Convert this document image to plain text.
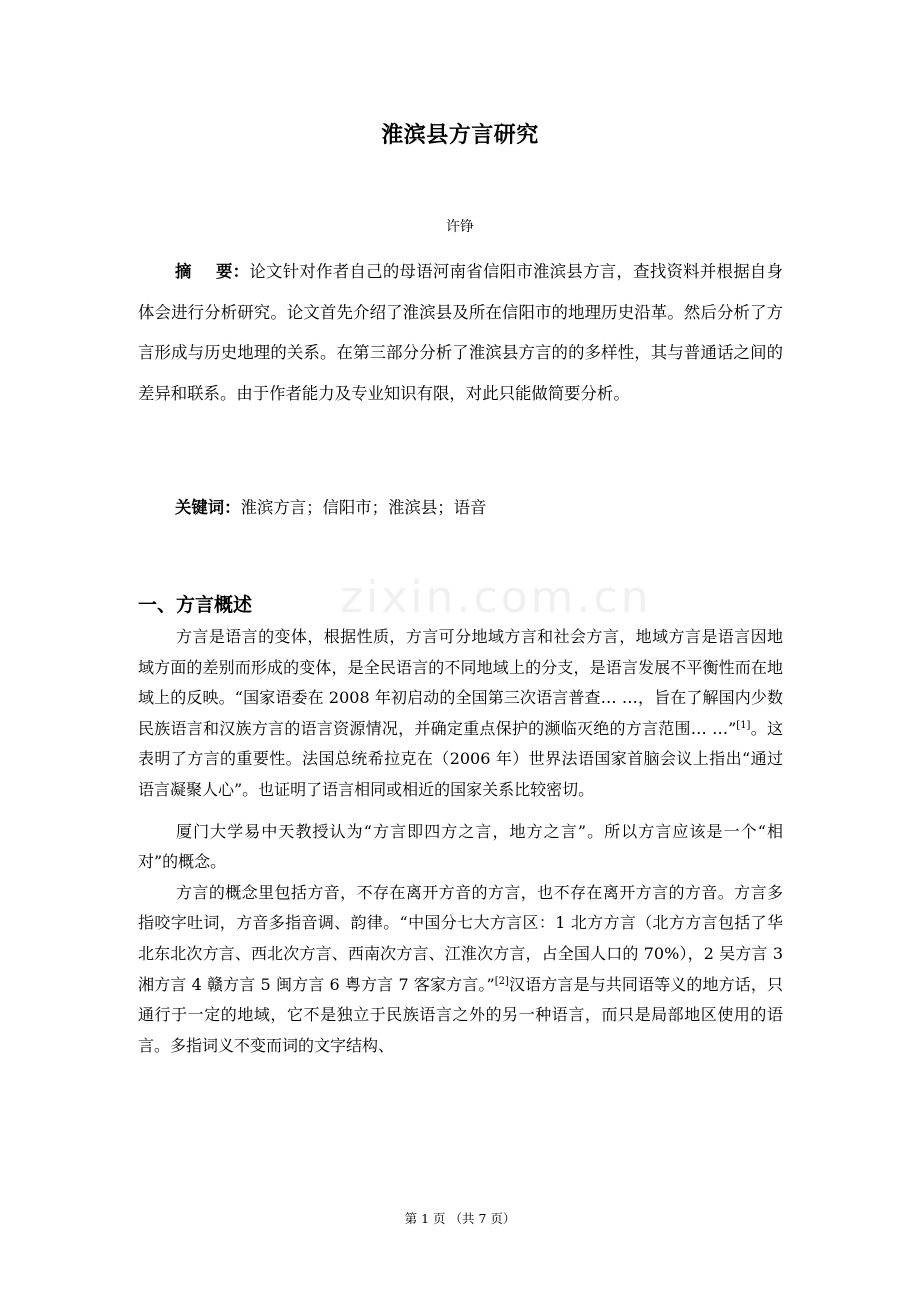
淮滨县方言研究
许铮
摘 要：论文针对作者自己的母语河南省信阳市淮滨县方言，查找资料并根据自身体会进行分析研究。论文首先介绍了淮滨县及所在信阳市的地理历史沿革。然后分析了方言形成与历史地理的关系。在第三部分分析了淮滨县方言的的多样性，其与普通话之间的差异和联系。由于作者能力及专业知识有限，对此只能做简要分析。
关键词：淮滨方言；信阳市；淮滨县；语音
zixin.com.cn
一、方言概述

方言是语言的变体，根据性质，方言可分地域方言和社会方言，地域方言是语言因地域方面的差别而形成的变体，是全民语言的不同地域上的分支，是语言发展不平衡性而在地域上的反映。“国家语委在 2008 年初启动的全国第三次语言普查… …，旨在了解国内少数民族语言和汉族方言的语言资源情况，并确定重点保护的濒临灭绝的方言范围… …”[1]。这表明了方言的重要性。法国总统希拉克在（2006 年）世界法语国家首脑会议上指出“通过语言凝聚人心”。也证明了语言相同或相近的国家关系比较密切。

厦门大学易中天教授认为“方言即四方之言，地方之言”。所以方言应该是一个“相对”的概念。

方言的概念里包括方音，不存在离开方音的方言，也不存在离开方言的方音。方言多指咬字吐词，方音多指音调、韵律。“中国分七大方言区：1 北方方言（北方方言包括了华北东北次方言、西北次方言、西南次方言、江淮次方言，占全国人口的 70%），2 吴方言 3 湘方言 4 赣方言 5 闽方言 6 粤方言 7 客家方言。”[2]汉语方言是与共同语等义的地方话，只通行于一定的地域，它不是独立于民族语言之外的另一种语言，而只是局部地区使用的语言。多指词义不变而词的文字结构、

第 1 页 （共 7 页）
